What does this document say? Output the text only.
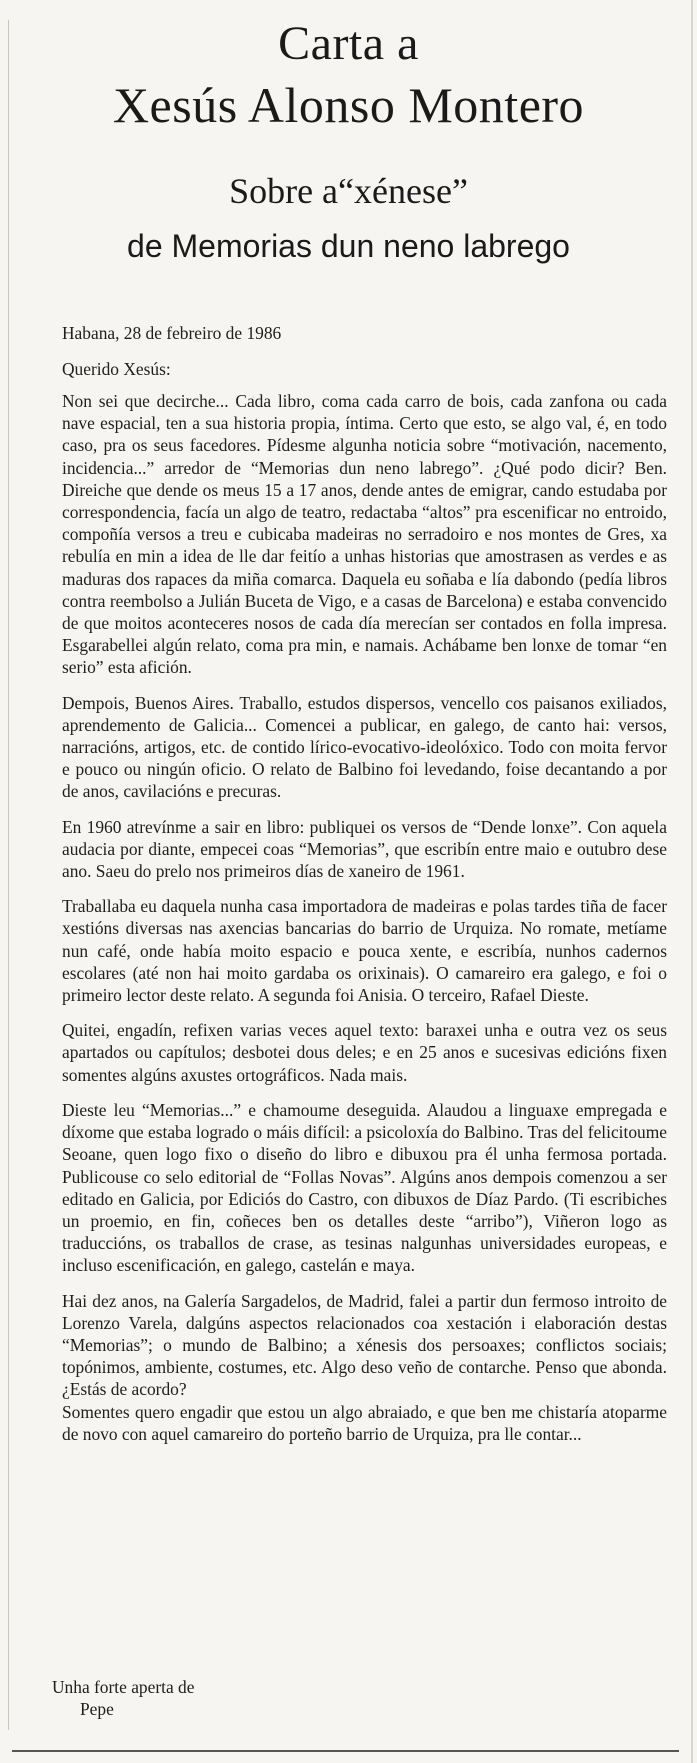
Carta a
Xesús Alonso Montero
Sobre a“xénese”
de Memorias dun neno labrego

Habana, 28 de febreiro de 1986

Querido Xesús:

Non sei que decirche... Cada libro, coma cada carro de bois, cada zanfona ou cada nave espacial, ten a sua historia propia, íntima. Certo que esto, se algo val, é, en todo caso, pra os seus facedores. Pídesme algunha noticia sobre “motivación, nacemento, incidencia...” arredor de “Memorias dun neno labrego”. ¿Qué podo dicir? Ben. Direiche que dende os meus 15 a 17 anos, dende antes de emigrar, cando estudaba por correspondencia, facía un algo de teatro, redactaba “altos” pra escenificar no entroido, compoñía versos a treu e cubicaba madeiras no serradoiro e nos montes de Gres, xa rebulía en min a idea de lle dar feitío a unhas historias que amostrasen as verdes e as maduras dos rapaces da miña comarca. Daquela eu soñaba e lía dabondo (pedía libros contra reembolso a Julián Buceta de Vigo, e a casas de Barcelona) e estaba convencido de que moitos aconteceres nosos de cada día merecían ser contados en folla impresa. Esgarabellei algún relato, coma pra min, e namais. Achábame ben lonxe de tomar “en serio” esta afición.

Dempois, Buenos Aires. Traballo, estudos dispersos, vencello cos paisanos exiliados, aprendemento de Galicia... Comencei a publicar, en galego, de canto hai: versos, narracións, artigos, etc. de contido lírico-evocativo-ideolóxico. Todo con moita fervor e pouco ou ningún oficio. O relato de Balbino foi levedando, foise decantando a por de anos, cavilacións e precuras.

En 1960 atrevínme a sair en libro: publiquei os versos de “Dende lonxe”. Con aquela audacia por diante, empecei coas “Memorias”, que escribín entre maio e outubro dese ano. Saeu do prelo nos primeiros días de xaneiro de 1961.

Traballaba eu daquela nunha casa importadora de madeiras e polas tardes tiña de facer xestións diversas nas axencias bancarias do barrio de Urquiza. No romate, metíame nun café, onde había moito espacio e pouca xente, e escribía, nunhos cadernos escolares (até non hai moito gardaba os orixinais). O camareiro era galego, e foi o primeiro lector deste relato. A segunda foi Anisia. O terceiro, Rafael Dieste.

Quitei, engadín, refixen varias veces aquel texto: baraxei unha e outra vez os seus apartados ou capítulos; desbotei dous deles; e en 25 anos e sucesivas edicións fixen somentes algúns axustes ortográficos. Nada mais.

Dieste leu “Memorias...” e chamoume deseguida. Alaudou a linguaxe empregada e díxome que estaba logrado o máis difícil: a psicoloxía do Balbino. Tras del felicitoume Seoane, quen logo fixo o diseño do libro e dibuxou pra él unha fermosa portada. Publicouse co selo editorial de “Follas Novas”. Algúns anos dempois comenzou a ser editado en Galicia, por Ediciós do Castro, con dibuxos de Díaz Pardo. (Ti escribiches un proemio, en fin, coñeces ben os detalles deste “arribo”), Viñeron logo as traduccións, os traballos de crase, as tesinas nalgunhas universidades europeas, e incluso escenificación, en galego, castelán e maya.

Hai dez anos, na Galería Sargadelos, de Madrid, falei a partir dun fermoso introito de Lorenzo Varela, dalgúns aspectos relacionados coa xestación i elaboración destas “Memorias”; o mundo de Balbino; a xénesis dos persoaxes; conflictos sociais; topónimos, ambiente, costumes, etc. Algo deso veño de contarche. Penso que abonda. ¿Estás de acordo?

Somentes quero engadir que estou un algo abraiado, e que ben me chistaría atoparme de novo con aquel camareiro do porteño barrio de Urquiza, pra lle contar...

Unha forte aperta de
Pepe
